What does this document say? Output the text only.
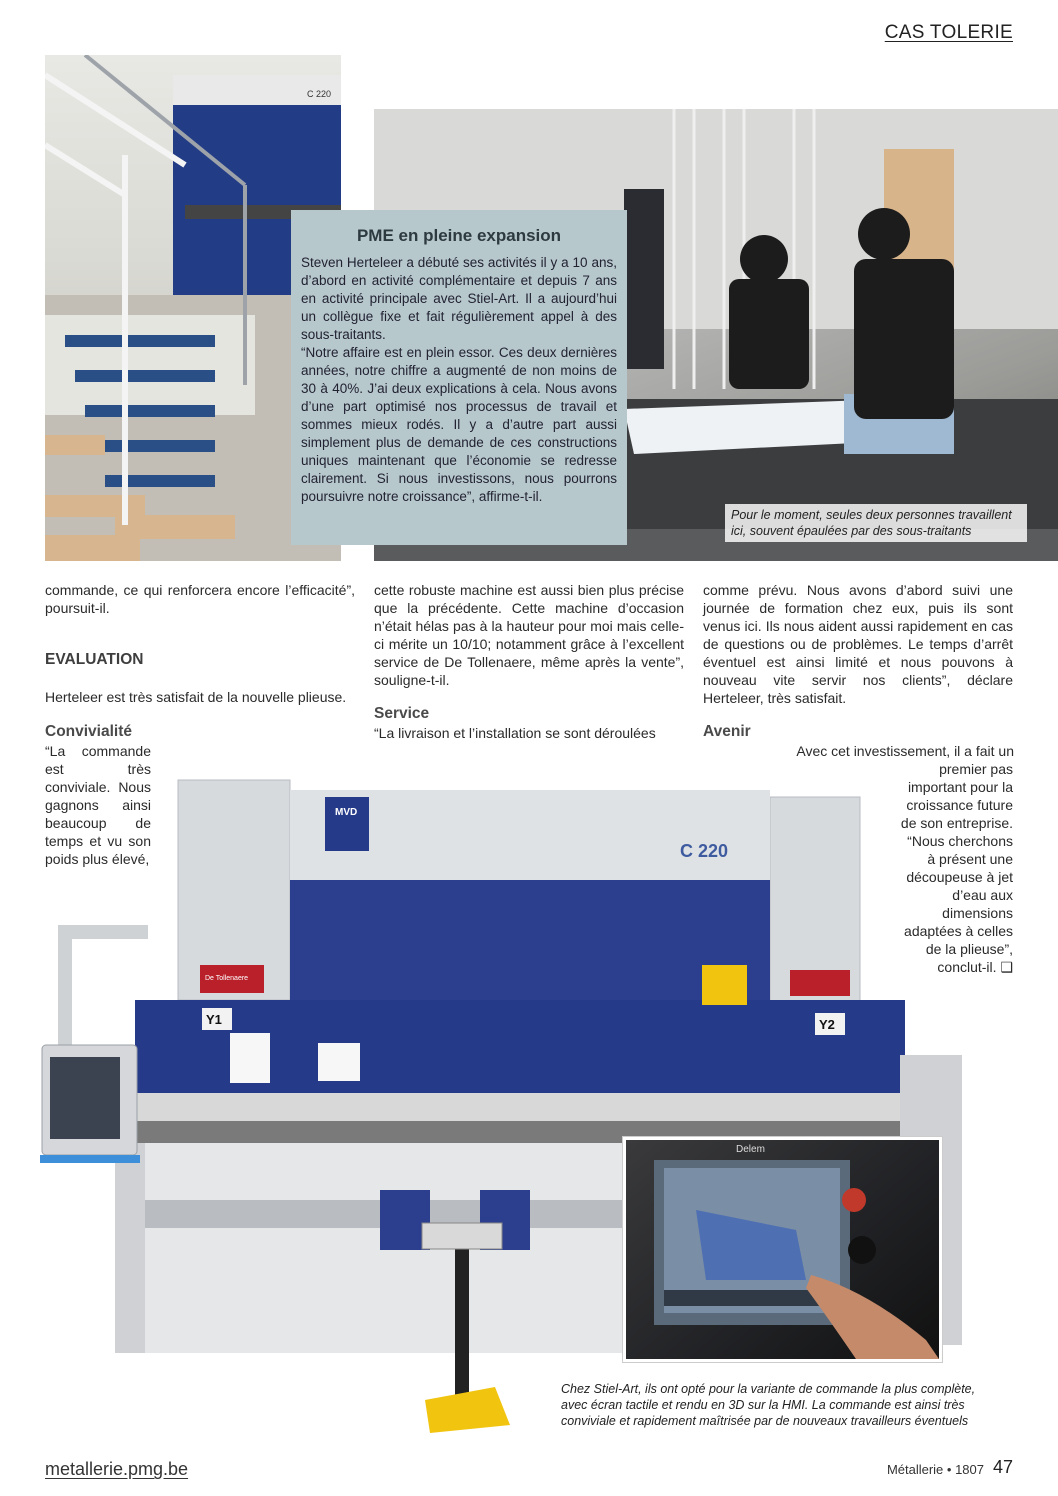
CAS TOLERIE
C 220
PME en pleine expansion

Steven Herteleer a débuté ses activités il y a 10 ans, d’abord en activité complémentaire et depuis 7 ans en activité principale avec Stiel-Art. Il a aujourd’hui un collègue fixe et fait régulièrement appel à des sous-traitants.

“Notre affaire est en plein essor. Ces deux dernières années, notre chiffre a augmenté de non moins de 30 à 40%. J’ai deux explications à cela. Nous avons d’une part optimisé nos processus de travail et sommes mieux rodés. Il y a d’autre part aussi simplement plus de demande de ces constructions uniques maintenant que l’économie se redresse clairement. Si nous investissons, nous pourrons poursuivre notre croissance”, affirme-t-il.

Pour le moment, seules deux personnes travaillent ici, souvent épaulées par des sous-traitants

commande, ce qui renforcera encore l’efficacité”, poursuit-il.

EVALUATION
Herteleer est très satisfait de la nouvelle plieuse.
Convivialité
“La commande est très conviviale. Nous gagnons ainsi beaucoup de temps et vu son poids plus élevé,
cette robuste machine est aussi bien plus précise que la précédente. Cette machine d’occasion n’était hélas pas à la hauteur pour moi mais celle-ci mérite un 10/10; notamment grâce à l’excellent service de De Tollenaere, même après la vente”, souligne-t-il.
Service
“La livraison et l’installation se sont déroulées
comme prévu. Nous avons d’abord suivi une journée de formation chez eux, puis ils sont venus ici. Ils nous aident aussi rapidement en cas de questions ou de problèmes. Le temps d’arrêt éventuel est ainsi limité et nous pouvons à nouveau vite servir nos clients”, déclare Herteleer, très satisfait.
Avenir
Avec cet investissement, il a fait un
premier pas important pour la croissance future de son entreprise. “Nous cherchons à présent une découpeuse à jet d’eau aux dimensions adaptées à celles de la plieuse”, conclut-il. ❑
MVD
C 220
De Tollenaere
Y1	Y2
Delem
Chez Stiel-Art, ils ont opté pour la variante de commande la plus complète, avec écran tactile et rendu en 3D sur la HMI. La commande est ainsi très conviviale et rapidement maîtrisée par de nouveaux travailleurs éventuels
metallerie.pmg.be	Métallerie • 1807 47
